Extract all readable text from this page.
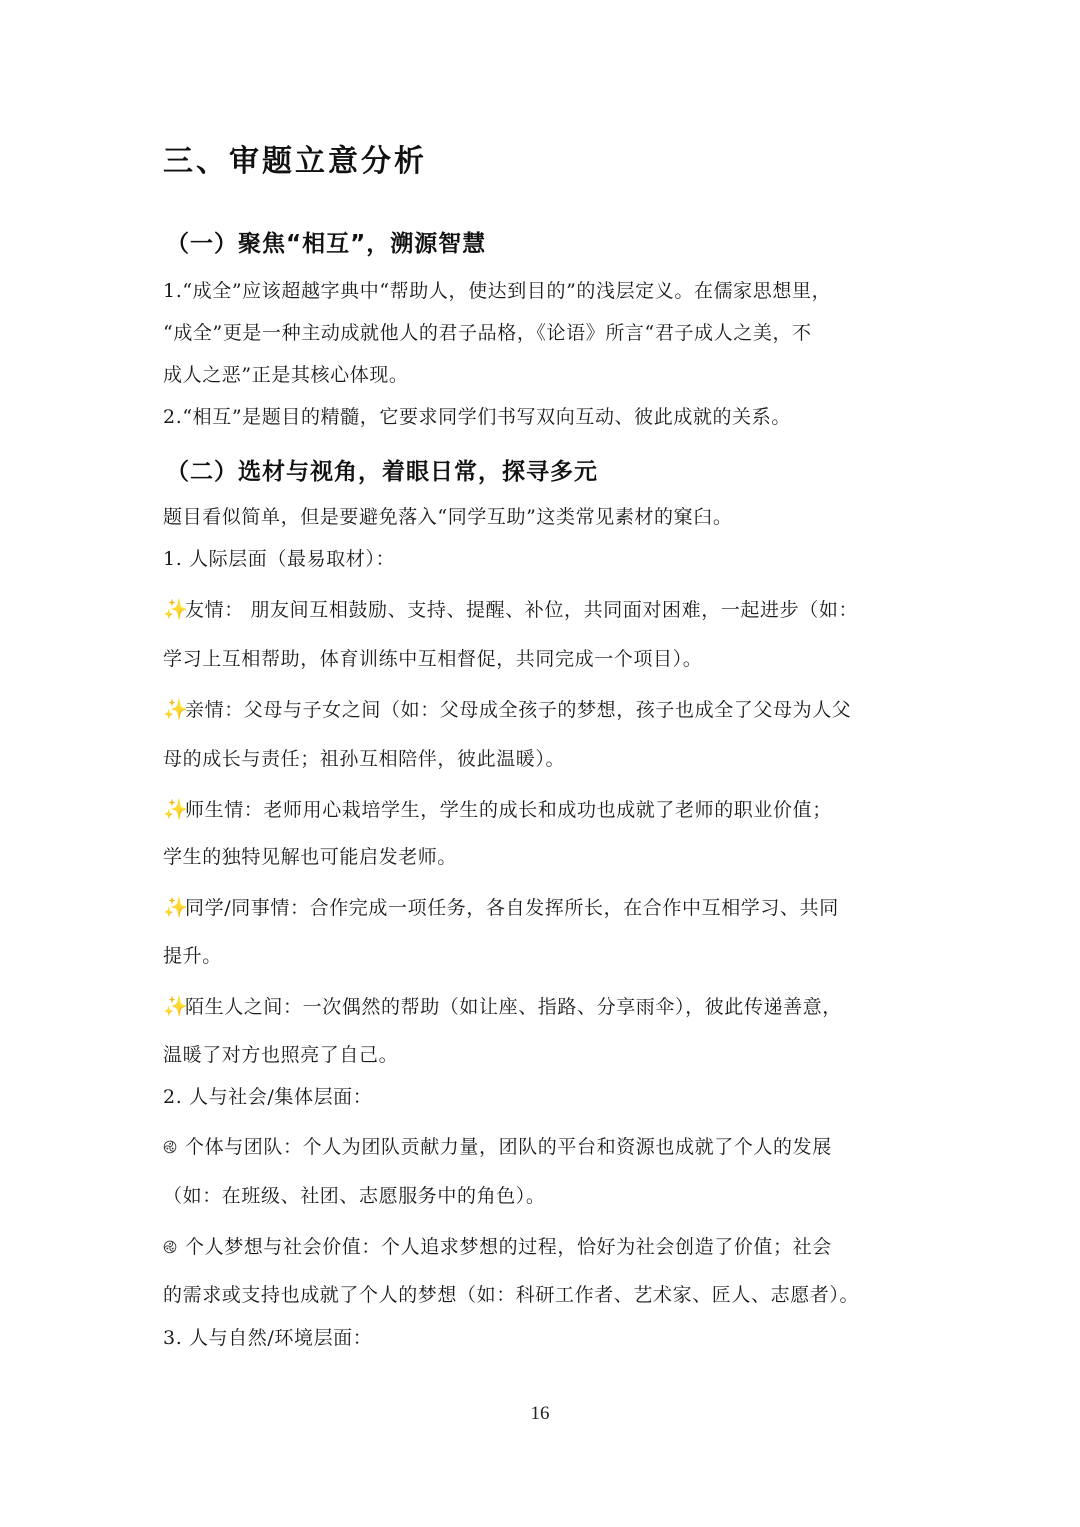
三、审题立意分析
（一）聚焦“相互”，溯源智慧

1.“成全”应该超越字典中“帮助人，使达到目的”的浅层定义。在儒家思想里，

“成全”更是一种主动成就他人的君子品格，《论语》所言“君子成人之美，不

成人之恶”正是其核心体现。

2.“相互”是题目的精髓，它要求同学们书写双向互动、彼此成就的关系。

（二）选材与视角，着眼日常，探寻多元

题目看似简单，但是要避免落入“同学互助”这类常见素材的窠臼。

1. 人际层面（最易取材）：

✨友情： 朋友间互相鼓励、支持、提醒、补位，共同面对困难，一起进步（如：

学习上互相帮助，体育训练中互相督促，共同完成一个项目）。

✨亲情：父母与子女之间（如：父母成全孩子的梦想，孩子也成全了父母为人父

母的成长与责任；祖孙互相陪伴，彼此温暖）。

✨师生情：老师用心栽培学生，学生的成长和成功也成就了老师的职业价值；

学生的独特见解也可能启发老师。

✨同学/同事情：合作完成一项任务，各自发挥所长，在合作中互相学习、共同

提升。

✨陌生人之间：一次偶然的帮助（如让座、指路、分享雨伞），彼此传递善意，

温暖了对方也照亮了自己。

2. 人与社会/集体层面：

࿋ 个体与团队：个人为团队贡献力量，团队的平台和资源也成就了个人的发展

（如：在班级、社团、志愿服务中的角色）。

࿋ 个人梦想与社会价值：个人追求梦想的过程，恰好为社会创造了价值；社会

的需求或支持也成就了个人的梦想（如：科研工作者、艺术家、匠人、志愿者）。

3. 人与自然/环境层面：

16
